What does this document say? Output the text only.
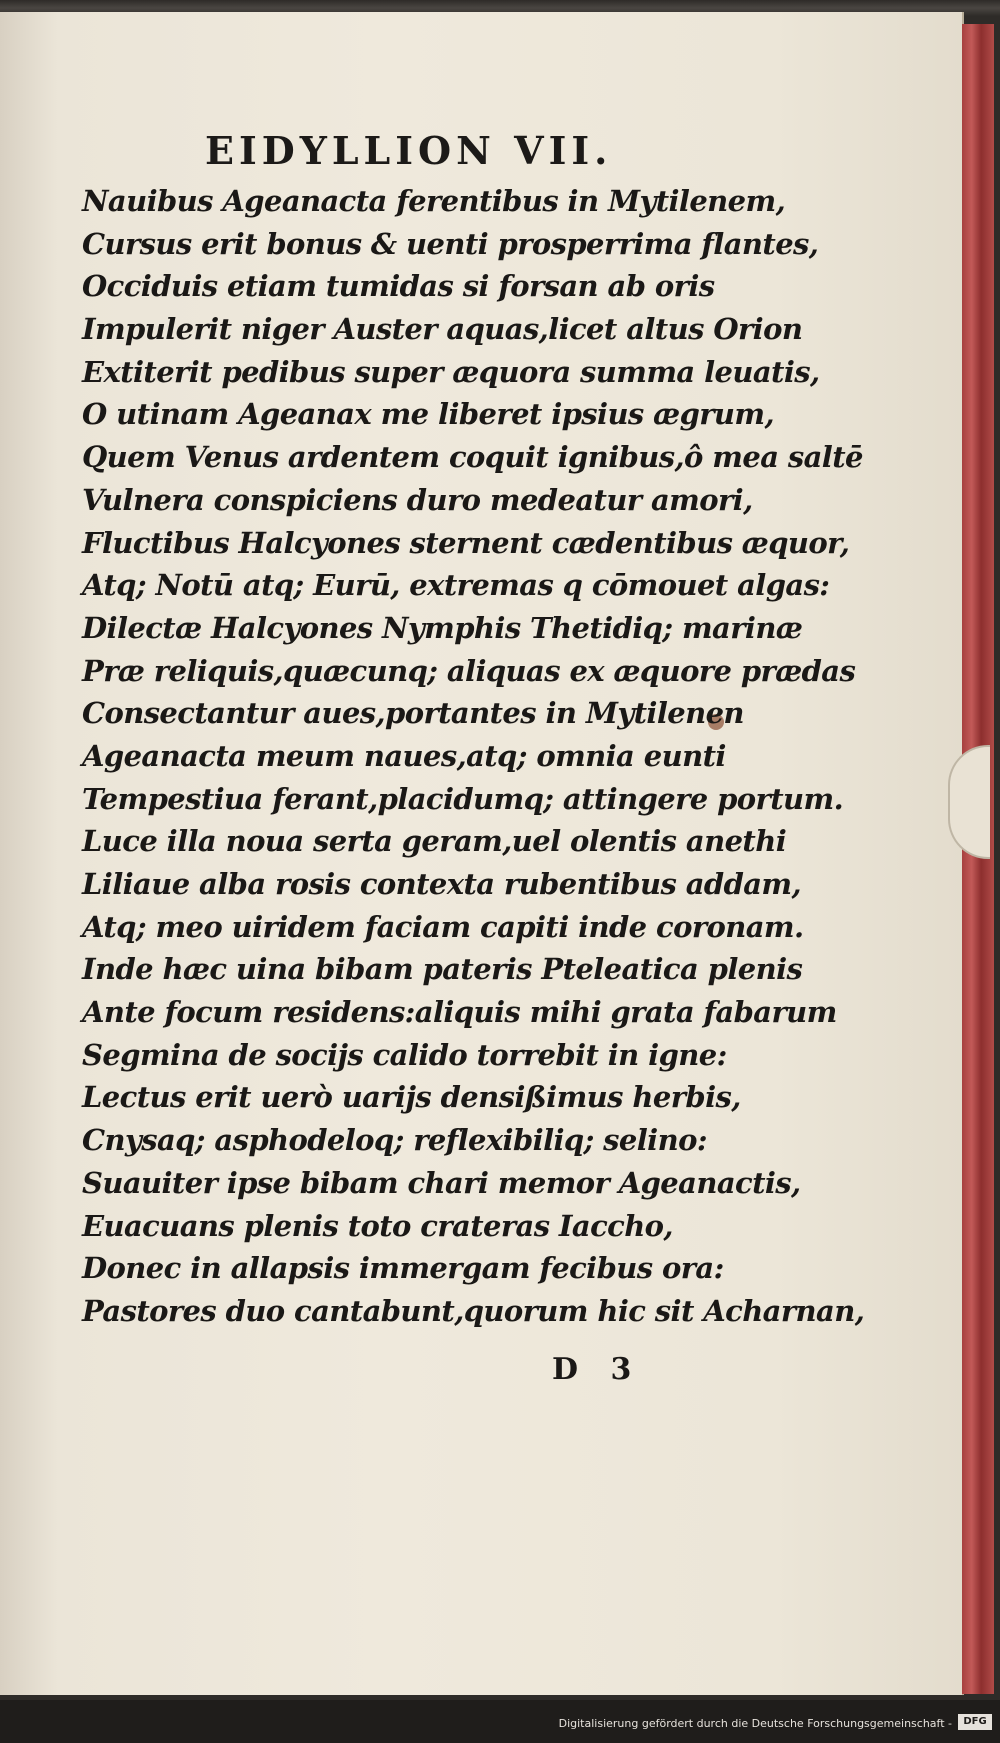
EIDYLLION VII.
Nauibus Ageanacta ferentibus in Mytilenem,
Cursus erit bonus & uenti prosperrima flantes,
Occiduis etiam tumidas si forsan ab oris
Impulerit niger Auster aquas,licet altus Orion
Extiterit pedibus super æquora summa leuatis,
O utinam Ageanax me liberet ipsius ægrum,
Quem Venus ardentem coquit ignibus,ô mea saltē
Vulnera conspiciens duro medeatur amori,
Fluctibus Halcyones sternent cædentibus æquor,
Atq; Notū atq; Eurū, extremas q cōmouet algas:
Dilectæ Halcyones Nymphis Thetidiq; marinæ
Præ reliquis,quæcunq; aliquas ex æquore prædas
Consectantur aues,portantes in Mytilenen
Ageanacta meum naues,atq; omnia eunti
Tempestiua ferant,placidumq; attingere portum.
Luce illa noua serta geram,uel olentis anethi
Liliaue alba rosis contexta rubentibus addam,
Atq; meo uiridem faciam capiti inde coronam.
Inde hæc uina bibam pateris Pteleatica plenis
Ante focum residens:aliquis mihi grata fabarum
Segmina de socijs calido torrebit in igne:
Lectus erit uerò uarijs densißimus herbis,
Cnysaq; asphodeloq; reflexibiliq; selino:
Suauiter ipse bibam chari memor Ageanactis,
Euacuans plenis toto crateras Iaccho,
Donec in allapsis immergam fecibus ora:
Pastores duo cantabunt,quorum hic sit Acharnan,
D 3
Digitalisierung gefördert durch die Deutsche Forschungsgemeinschaft -	DFG
